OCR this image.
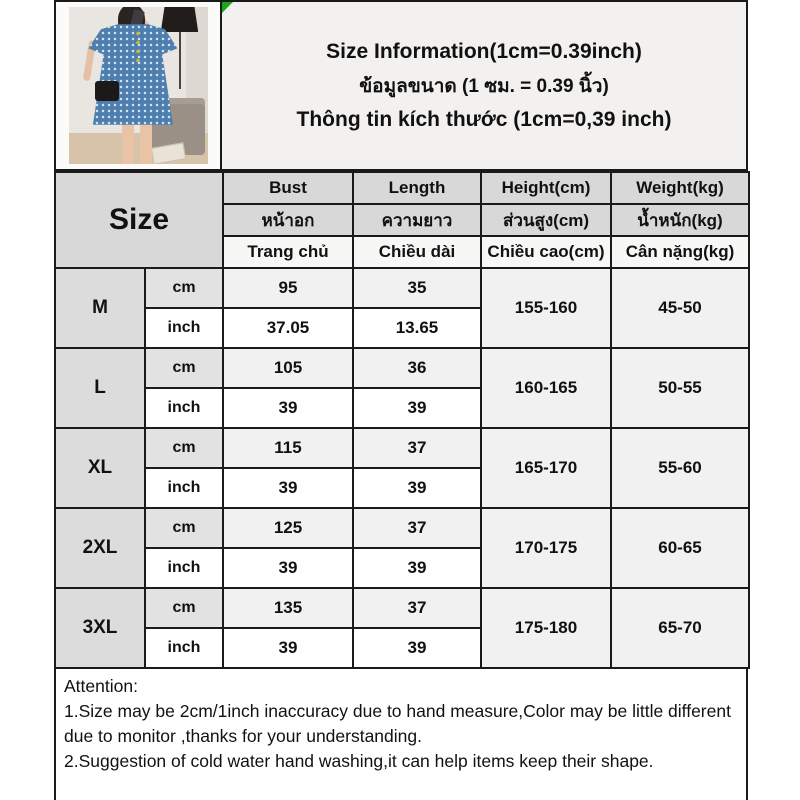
Size Information(1cm=0.39inch)
ข้อมูลขนาด (1 ซม. = 0.39 นิ้ว)
Thông tin kích thước (1cm=0,39 inch)
Size		Bust	Length	Height(cm)	Weight(kg)
		หน้าอก	ความยาว	ส่วนสูง(cm)	น้ำหนัก(kg)
		Trang chủ	Chiều dài	Chiều cao(cm)	Cân nặng(kg)
M	cm	95	35	155-160	45-50
	inch	37.05	13.65		
L	cm	105	36	160-165	50-55
	inch	39	39		
XL	cm	115	37	165-170	55-60
	inch	39	39		
2XL	cm	125	37	170-175	60-65
	inch	39	39		
3XL	cm	135	37	175-180	65-70
	inch	39	39		
Attention:
1.Size may be 2cm/1inch inaccuracy due to hand measure,Color may be little different due to monitor ,thanks for your understanding.
2.Suggestion of cold water hand washing,it can help items keep their shape.
